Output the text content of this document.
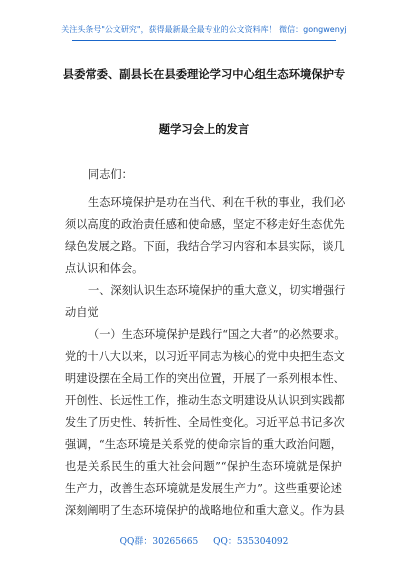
关注头条号"公文研究"，获得最新最全最专业的公文资料库！ 微信：gongwenyj
县委常委、副县长在县委理论学习中心组生态环境保护专
题学习会上的发言
同志们：
生态环境保护是功在当代、利在千秋的事业，我们必
须以高度的政治责任感和使命感，坚定不移走好生态优先
绿色发展之路。下面，我结合学习内容和本县实际，谈几
点认识和体会。
一、深刻认识生态环境保护的重大意义，切实增强行
动自觉
（一）生态环境保护是践行“国之大者”的必然要求。
党的十八大以来，以习近平同志为核心的党中央把生态文
明建设摆在全局工作的突出位置，开展了一系列根本性、
开创性、长远性工作，推动生态文明建设从认识到实践都
发生了历史性、转折性、全局性变化。习近平总书记多次
强调，“生态环境是关系党的使命宗旨的重大政治问题，
也是关系民生的重大社会问题”“保护生态环境就是保护
生产力，改善生态环境就是发展生产力”。这些重要论述
深刻阐明了生态环境保护的战略地位和重大意义。作为县
QQ群：30265665 QQ：535304092
